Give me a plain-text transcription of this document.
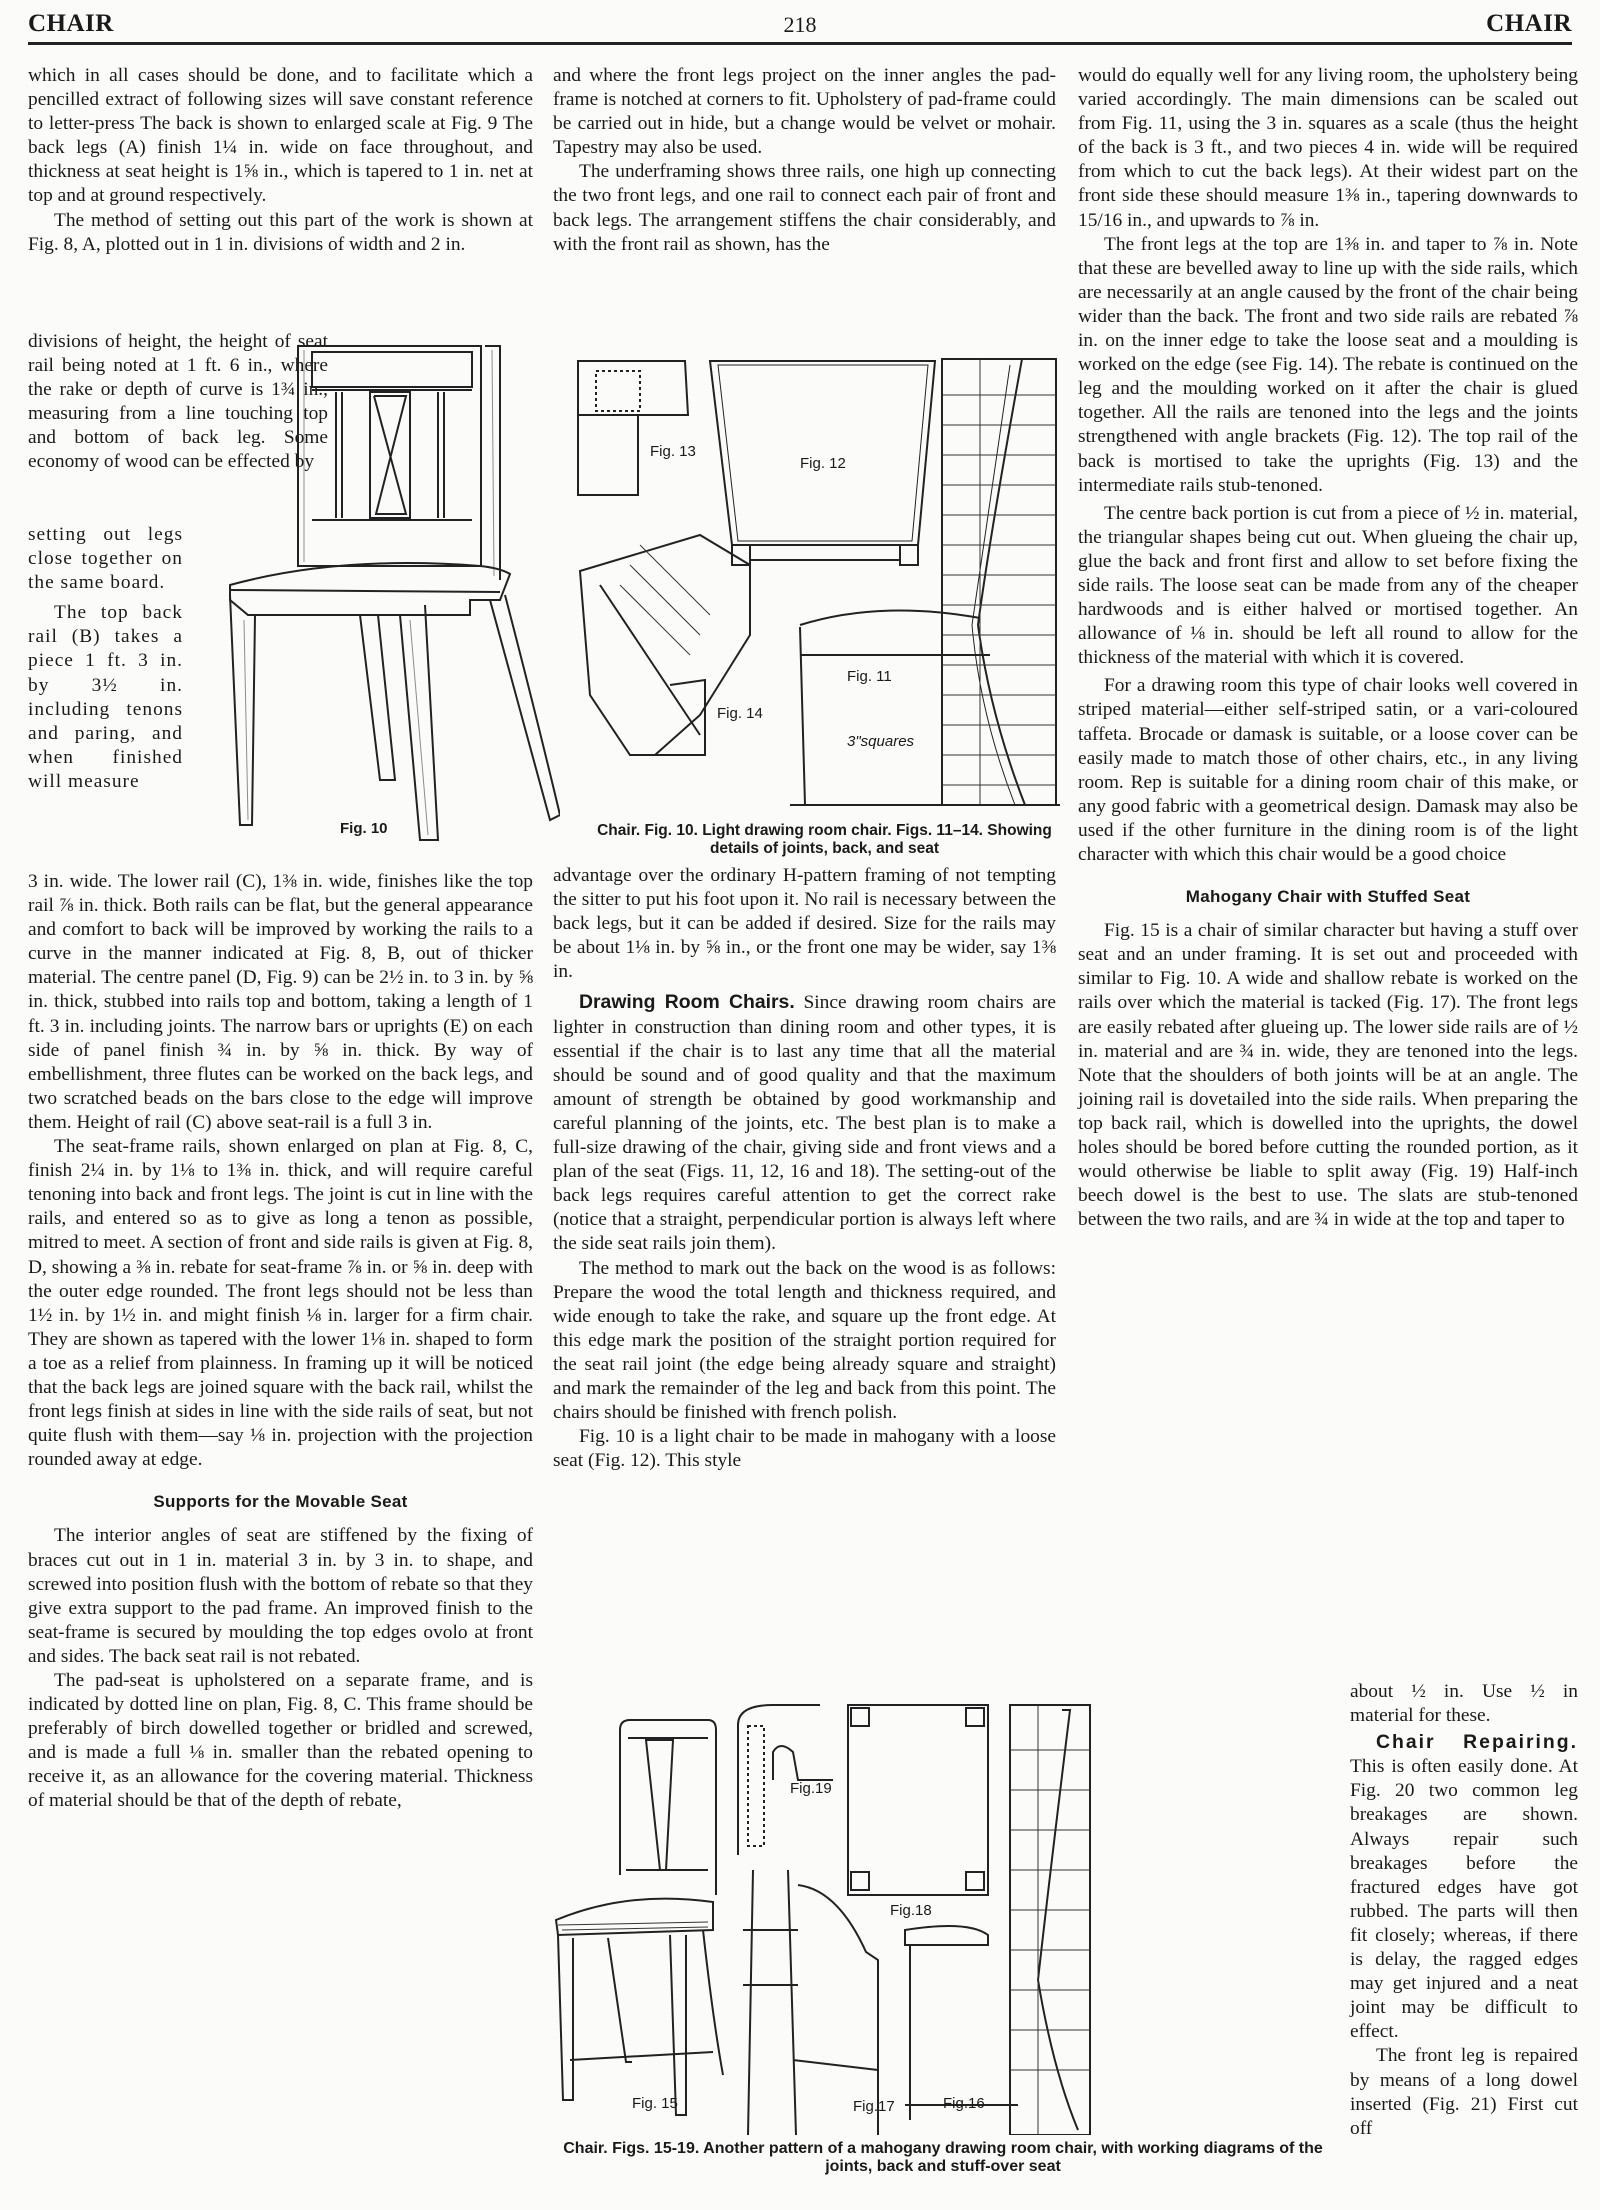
CHAIR	218	CHAIR

which in all cases should be done, and to facilitate which a pencilled extract of following sizes will save constant reference to letter-press The back is shown to enlarged scale at Fig. 9 The back legs (A) finish 1¼ in. wide on face throughout, and thickness at seat height is 1⅝ in., which is tapered to 1 in. net at top and at ground respectively.

The method of setting out this part of the work is shown at Fig. 8, A, plotted out in 1 in. divisions of width and 2 in.

divisions of height, the height of seat rail being noted at 1 ft. 6 in., where the rake or depth of curve is 1¾ in., measuring from a line touching top and bottom of back leg. Some economy of wood can be effected by

setting out legs close together on the same board.

The top back rail (B) takes a piece 1 ft. 3 in. by 3½ in. including tenons and paring, and when finished will measure

3 in. wide. The lower rail (C), 1⅜ in. wide, finishes like the top rail ⅞ in. thick. Both rails can be flat, but the general appearance and comfort to back will be improved by working the rails to a curve in the manner indicated at Fig. 8, B, out of thicker material. The centre panel (D, Fig. 9) can be 2½ in. to 3 in. by ⅝ in. thick, stubbed into rails top and bottom, taking a length of 1 ft. 3 in. including joints. The narrow bars or uprights (E) on each side of panel finish ¾ in. by ⅝ in. thick. By way of embellishment, three flutes can be worked on the back legs, and two scratched beads on the bars close to the edge will improve them. Height of rail (C) above seat-rail is a full 3 in.

The seat-frame rails, shown enlarged on plan at Fig. 8, C, finish 2¼ in. by 1⅛ to 1⅜ in. thick, and will require careful tenoning into back and front legs. The joint is cut in line with the rails, and entered so as to give as long a tenon as possible, mitred to meet. A section of front and side rails is given at Fig. 8, D, showing a ⅜ in. rebate for seat-frame ⅞ in. or ⅝ in. deep with the outer edge rounded. The front legs should not be less than 1½ in. by 1½ in. and might finish ⅛ in. larger for a firm chair. They are shown as tapered with the lower 1⅛ in. shaped to form a toe as a relief from plainness. In framing up it will be noticed that the back legs are joined square with the back rail, whilst the front legs finish at sides in line with the side rails of seat, but not quite flush with them—say ⅛ in. projection with the projection rounded away at edge.

Supports for the Movable Seat

The interior angles of seat are stiffened by the fixing of braces cut out in 1 in. material 3 in. by 3 in. to shape, and screwed into position flush with the bottom of rebate so that they give extra support to the pad frame. An improved finish to the seat-frame is secured by moulding the top edges ovolo at front and sides. The back seat rail is not rebated.

The pad-seat is upholstered on a separate frame, and is indicated by dotted line on plan, Fig. 8, C. This frame should be preferably of birch dowelled together or bridled and screwed, and is made a full ⅛ in. smaller than the rebated opening to receive it, as an allowance for the covering material. Thickness of material should be that of the depth of rebate,

Fig. 10

and where the front legs project on the inner angles the pad-frame is notched at corners to fit. Upholstery of pad-frame could be carried out in hide, but a change would be velvet or mohair. Tapestry may also be used.

The underframing shows three rails, one high up connecting the two front legs, and one rail to connect each pair of front and back legs. The arrangement stiffens the chair considerably, and with the front rail as shown, has the

Fig. 13
Fig. 12
Fig. 14
Fig. 11
3"squares
Chair. Fig. 10. Light drawing room chair. Figs. 11–14. Showing details of joints, back, and seat

advantage over the ordinary H-pattern framing of not tempting the sitter to put his foot upon it. No rail is necessary between the back legs, but it can be added if desired. Size for the rails may be about 1⅛ in. by ⅝ in., or the front one may be wider, say 1⅜ in.

Drawing Room Chairs. Since drawing room chairs are lighter in construction than dining room and other types, it is essential if the chair is to last any time that all the material should be sound and of good quality and that the maximum amount of strength be obtained by good workmanship and careful planning of the joints, etc. The best plan is to make a full-size drawing of the chair, giving side and front views and a plan of the seat (Figs. 11, 12, 16 and 18). The setting-out of the back legs requires careful attention to get the correct rake (notice that a straight, perpendicular portion is always left where the side seat rails join them).

The method to mark out the back on the wood is as follows: Prepare the wood the total length and thickness required, and wide enough to take the rake, and square up the front edge. At this edge mark the position of the straight portion required for the seat rail joint (the edge being already square and straight) and mark the remainder of the leg and back from this point. The chairs should be finished with french polish.

Fig. 10 is a light chair to be made in mahogany with a loose seat (Fig. 12). This style

would do equally well for any living room, the upholstery being varied accordingly. The main dimensions can be scaled out from Fig. 11, using the 3 in. squares as a scale (thus the height of the back is 3 ft., and two pieces 4 in. wide will be required from which to cut the back legs). At their widest part on the front side these should measure 1⅜ in., tapering downwards to 15/16 in., and upwards to ⅞ in.

The front legs at the top are 1⅜ in. and taper to ⅞ in. Note that these are bevelled away to line up with the side rails, which are necessarily at an angle caused by the front of the chair being wider than the back. The front and two side rails are rebated ⅞ in. on the inner edge to take the loose seat and a moulding is worked on the edge (see Fig. 14). The rebate is continued on the leg and the moulding worked on it after the chair is glued together. All the rails are tenoned into the legs and the joints strengthened with angle brackets (Fig. 12). The top rail of the back is mortised to take the uprights (Fig. 13) and the intermediate rails stub-tenoned.

The centre back portion is cut from a piece of ½ in. material, the triangular shapes being cut out. When glueing the chair up, glue the back and front first and allow to set before fixing the side rails. The loose seat can be made from any of the cheaper hardwoods and is either halved or mortised together. An allowance of ⅛ in. should be left all round to allow for the thickness of the material with which it is covered.

For a drawing room this type of chair looks well covered in striped material—either self-striped satin, or a vari-coloured taffeta. Brocade or damask is suitable, or a loose cover can be easily made to match those of other chairs, etc., in any living room. Rep is suitable for a dining room chair of this make, or any good fabric with a geometrical design. Damask may also be used if the other furniture in the dining room is of the light character with which this chair would be a good choice

Mahogany Chair with Stuffed Seat

Fig. 15 is a chair of similar character but having a stuff over seat and an under framing. It is set out and proceeded with similar to Fig. 10. A wide and shallow rebate is worked on the rails over which the material is tacked (Fig. 17). The front legs are easily rebated after glueing up. The lower side rails are of ½ in. material and are ¾ in. wide, they are tenoned into the legs. Note that the shoulders of both joints will be at an angle. The joining rail is dovetailed into the side rails. When preparing the top back rail, which is dowelled into the uprights, the dowel holes should be bored before cutting the rounded portion, as it would otherwise be liable to split away (Fig. 19) Half-inch beech dowel is the best to use. The slats are stub-tenoned between the two rails, and are ¾ in wide at the top and taper to

about ½ in. Use ½ in material for these.

Chair Repairing. This is often easily done. At Fig. 20 two common leg breakages are shown. Always repair such breakages before the fractured edges have got rubbed. The parts will then fit closely; whereas, if there is delay, the ragged edges may get injured and a neat joint may be difficult to effect.

The front leg is repaired by means of a long dowel inserted (Fig. 21) First cut off

Fig. 15
Fig.19
Fig.17
Fig.18
Fig.16
Chair. Figs. 15-19. Another pattern of a mahogany drawing room chair, with working diagrams of the joints, back and stuff-over seat
